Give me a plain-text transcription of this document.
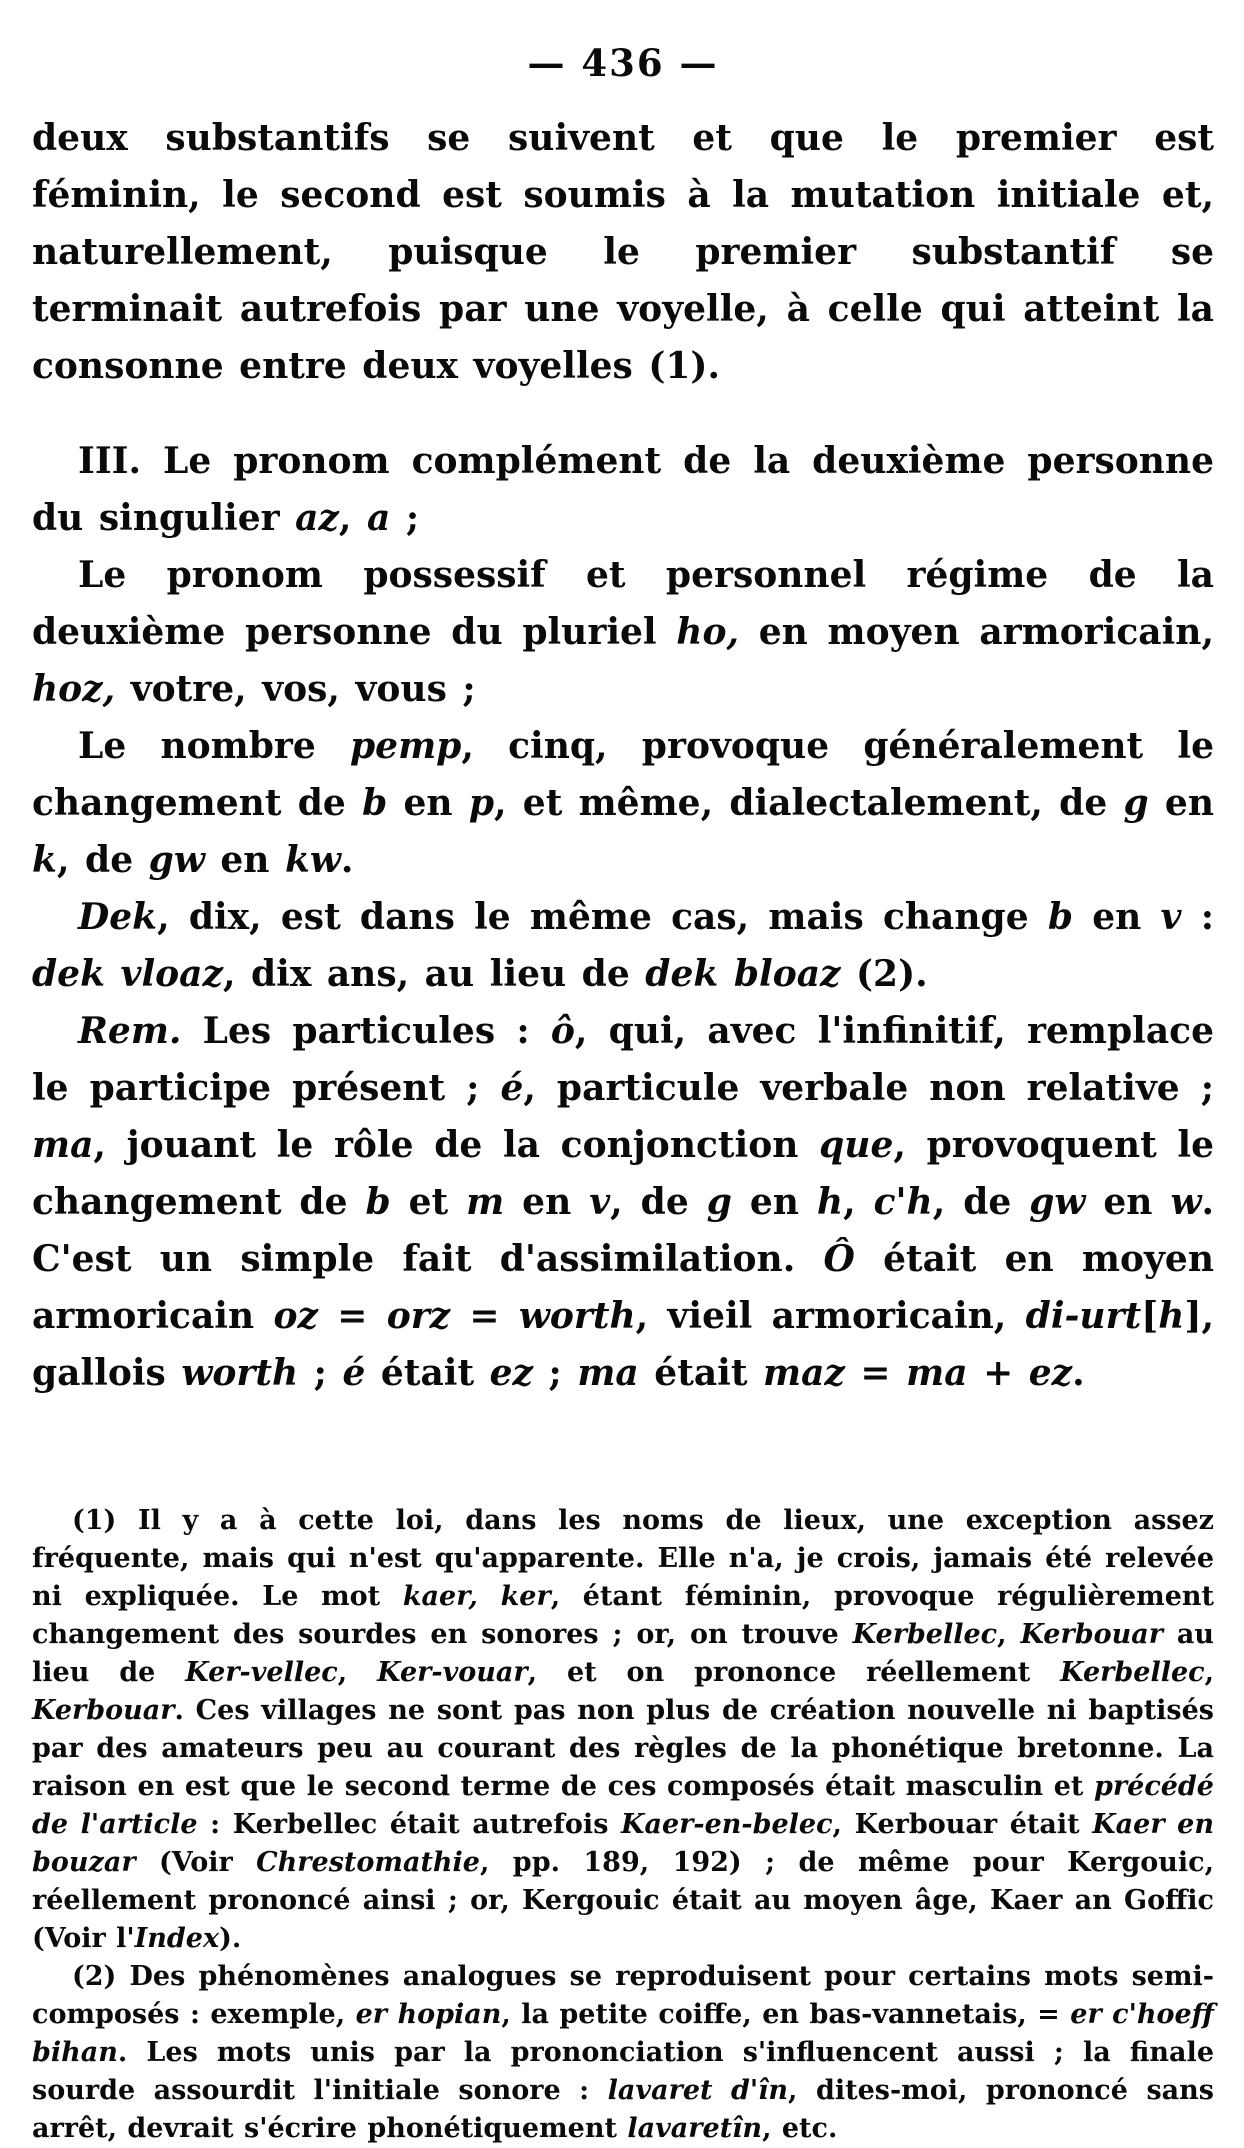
— 436 —

deux substantifs se suivent et que le premier est féminin, le second est soumis à la mutation initiale et, naturellement, puisque le premier substantif se terminait autrefois par une voyelle, à celle qui atteint la consonne entre deux voyelles (1).

III. Le pronom complément de la deuxième personne du singulier az, a ;

Le pronom possessif et personnel régime de la deuxième personne du pluriel ho, en moyen armoricain, hoz, votre, vos, vous ;

Le nombre pemp, cinq, provoque généralement le changement de b en p, et même, dialectalement, de g en k, de gw en kw.

Dek, dix, est dans le même cas, mais change b en v : dek vloaz, dix ans, au lieu de dek bloaz (2).

Rem. Les particules : ô, qui, avec l'infinitif, remplace le participe présent ; é, particule verbale non relative ; ma, jouant le rôle de la conjonction que, provoquent le changement de b et m en v, de g en h, c'h, de gw en w. C'est un simple fait d'assimilation. Ô était en moyen armoricain oz = orz = worth, vieil armoricain, di-urt[h], gallois worth ; é était ez ; ma était maz = ma + ez.

(1) Il y a à cette loi, dans les noms de lieux, une exception assez fréquente, mais qui n'est qu'apparente. Elle n'a, je crois, jamais été relevée ni expliquée. Le mot kaer, ker, étant féminin, provoque régulièrement changement des sourdes en sonores ; or, on trouve Kerbellec, Kerbouar au lieu de Ker-vellec, Ker-vouar, et on prononce réellement Kerbellec, Kerbouar. Ces villages ne sont pas non plus de création nouvelle ni baptisés par des amateurs peu au courant des règles de la phonétique bretonne. La raison en est que le second terme de ces composés était masculin et précédé de l'article : Kerbellec était autrefois Kaer-en-belec, Kerbouar était Kaer en bouzar (Voir Chrestomathie, pp. 189, 192) ; de même pour Kergouic, réellement prononcé ainsi ; or, Kergouic était au moyen âge, Kaer an Goffic (Voir l'Index).

(2) Des phénomènes analogues se reproduisent pour certains mots semi-composés : exemple, er hopian, la petite coiffe, en bas-vannetais, = er c'hoeff bihan. Les mots unis par la prononciation s'influencent aussi ; la finale sourde assourdit l'initiale sonore : lavaret d'în, dites-moi, prononcé sans arrêt, devrait s'écrire phonétiquement lavaretîn, etc.
